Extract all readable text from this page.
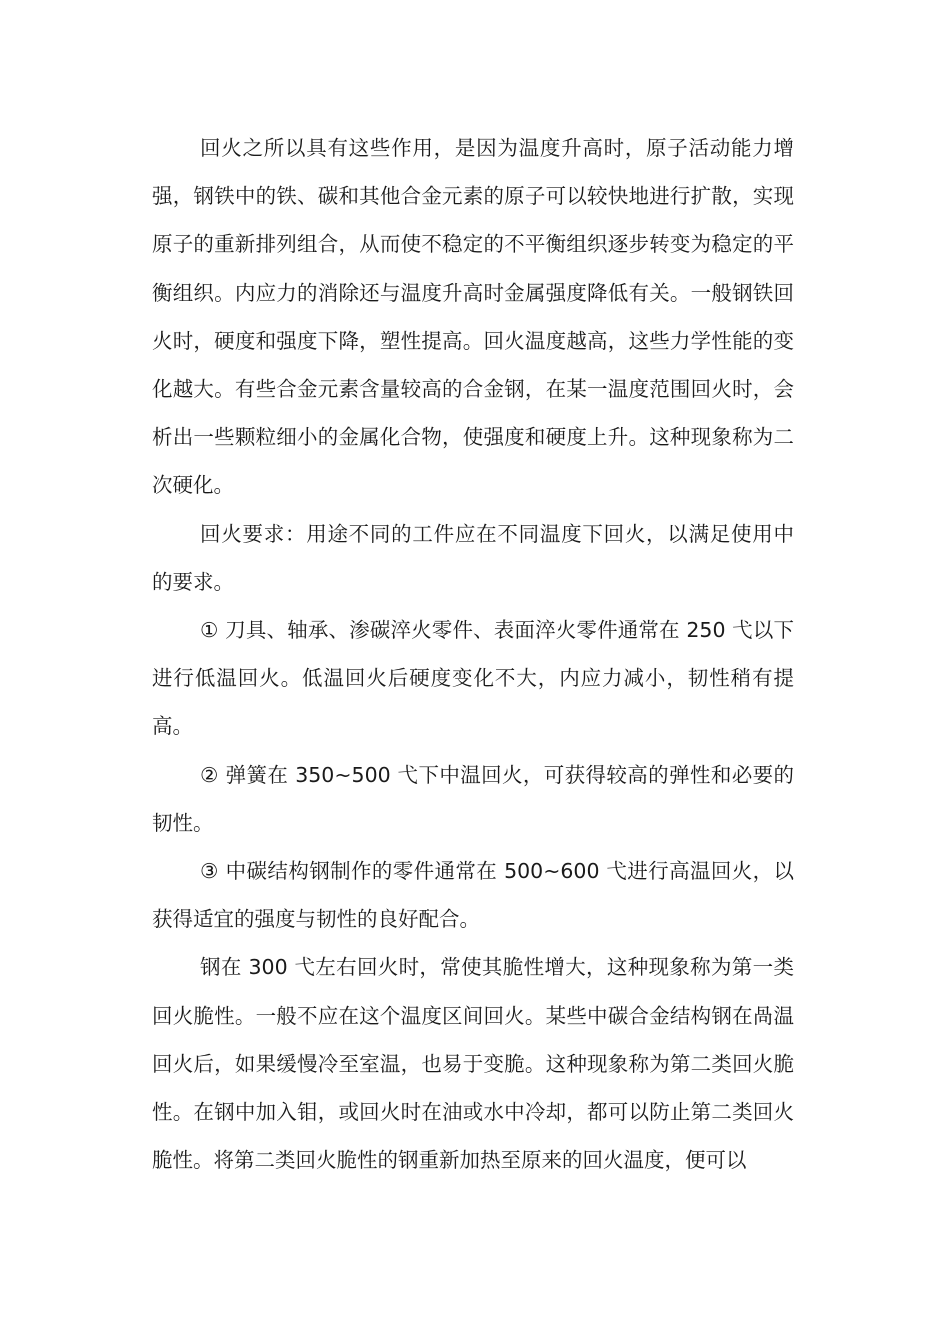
回火之所以具有这些作用，是因为温度升高时，原子活动能力增强，钢铁中的铁、碳和其他合金元素的原子可以较快地进行扩散，实现原子的重新排列组合，从而使不稳定的不平衡组织逐步转变为稳定的平衡组织。内应力的消除还与温度升高时金属强度降低有关。一般钢铁回火时，硬度和强度下降，塑性提高。回火温度越高，这些力学性能的变化越大。有些合金元素含量较高的合金钢，在某一温度范围回火时，会析出一些颗粒细小的金属化合物，使强度和硬度上升。这种现象称为二次硬化。

回火要求：用途不同的工件应在不同温度下回火，以满足使用中的要求。

① 刀具、轴承、渗碳淬火零件、表面淬火零件通常在 250 弋以下进行低温回火。低温回火后硬度变化不大，内应力减小，韧性稍有提高。

② 弹簧在 350~500 弋下中温回火，可获得较高的弹性和必要的韧性。

③ 中碳结构钢制作的零件通常在 500~600 弋进行高温回火，以获得适宜的强度与韧性的良好配合。

钢在 300 弋左右回火时，常使其脆性增大，这种现象称为第一类回火脆性。一般不应在这个温度区间回火。某些中碳合金结构钢在咼温回火后，如果缓慢冷至室温，也易于变脆。这种现象称为第二类回火脆性。在钢中加入钼，或回火时在油或水中冷却，都可以防止第二类回火脆性。将第二类回火脆性的钢重新加热至原来的回火温度，便可以
